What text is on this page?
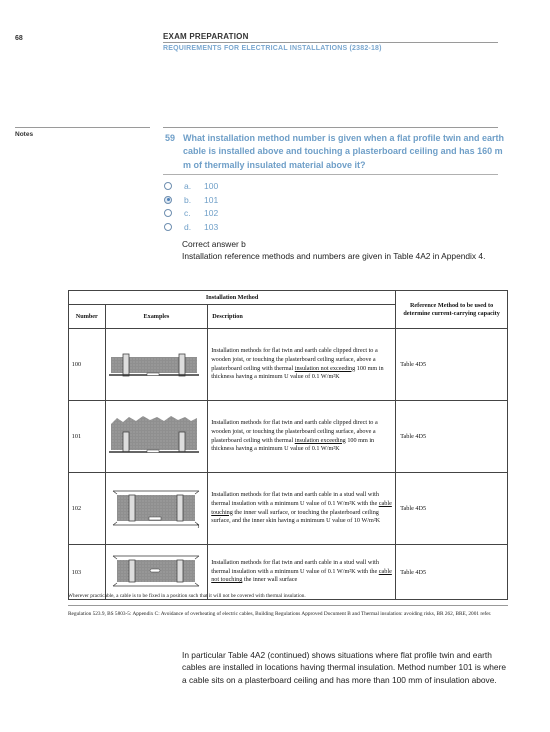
68	EXAM PREPARATION
REQUIREMENTS FOR ELECTRICAL INSTALLATIONS (2382-18)
Notes	59 What installation method number is given when a flat profile twin and earth cable is installed above and touching a plasterboard ceiling and has 160 m m of thermally insulated material above it?
a.	100
b.	101
c.	102
d.	103
Correct answer b
Installation reference methods and numbers are given in Table 4A2 in Appendix 4.
Installation Method			Reference Method to be used to determine current-carrying capacity
Number	Examples	Description	
100		Installation methods for flat twin and earth cable clipped direct to a wooden joist, or touching the plasterboard ceiling surface, above a plasterboard ceiling with thermal insulation not exceeding 100 mm in thickness having a minimum U value of 0.1 W/m²K	Table 4D5
101		Installation methods for flat twin and earth cable clipped direct to a wooden joist, or touching the plasterboard ceiling surface, above a plasterboard ceiling with thermal insulation exceeding 100 mm in thickness having a minimum U value of 0.1 W/m²K	Table 4D5
102		Installation methods for flat twin and earth cable in a stud wall with thermal insulation with a minimum U value of 0.1 W/m²K with the cable touching the inner wall surface, or touching the plasterboard ceiling surface, and the inner skin having a minimum U value of 10 W/m²K	Table 4D5
103		Installation methods for flat twin and earth cable in a stud wall with thermal insulation with a minimum U value of 0.1 W/m²K with the cable not touching the inner wall surface	Table 4D5
Wherever practicable, a cable is to be fixed in a position such that it will not be covered with thermal insulation.
Regulation 523.9, BS 5803-5: Appendix C: Avoidance of overheating of electric cables, Building Regulations Approved Document B and Thermal insulation: avoiding risks, BR 262, BRE, 2001 refer.
In particular Table 4A2 (continued) shows situations where flat profile twin and earth cables are installed in locations having thermal insulation. Method number 101 is where a cable sits on a plasterboard ceiling and has more than 100 mm of insulation above.
